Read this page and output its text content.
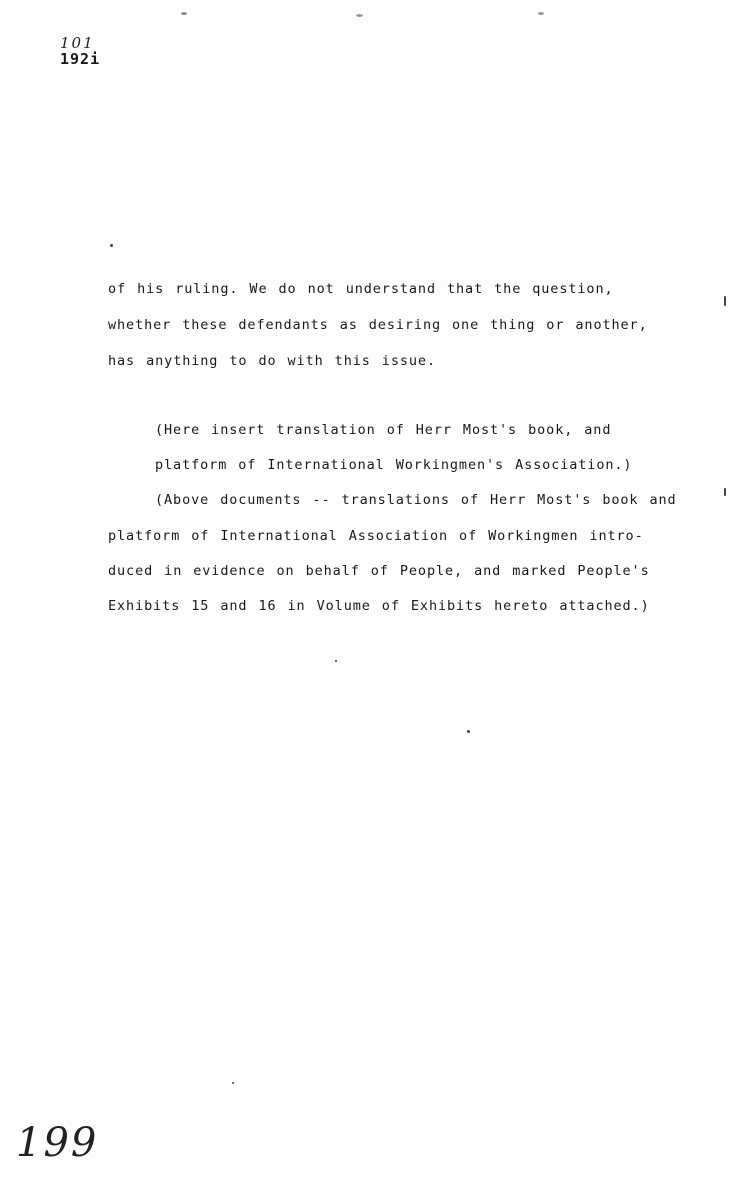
101
192i
of his ruling. We do not understand that the question,
whether these defendants as desiring one thing or another,
has anything to do with this issue.
(Here insert translation of Herr Most's book, and
platform of International Workingmen's Association.)
(Above documents -- translations of Herr Most's book and
platform of International Association of Workingmen intro-
duced in evidence on behalf of People, and marked People's
Exhibits 15 and 16 in Volume of Exhibits hereto attached.)
199
